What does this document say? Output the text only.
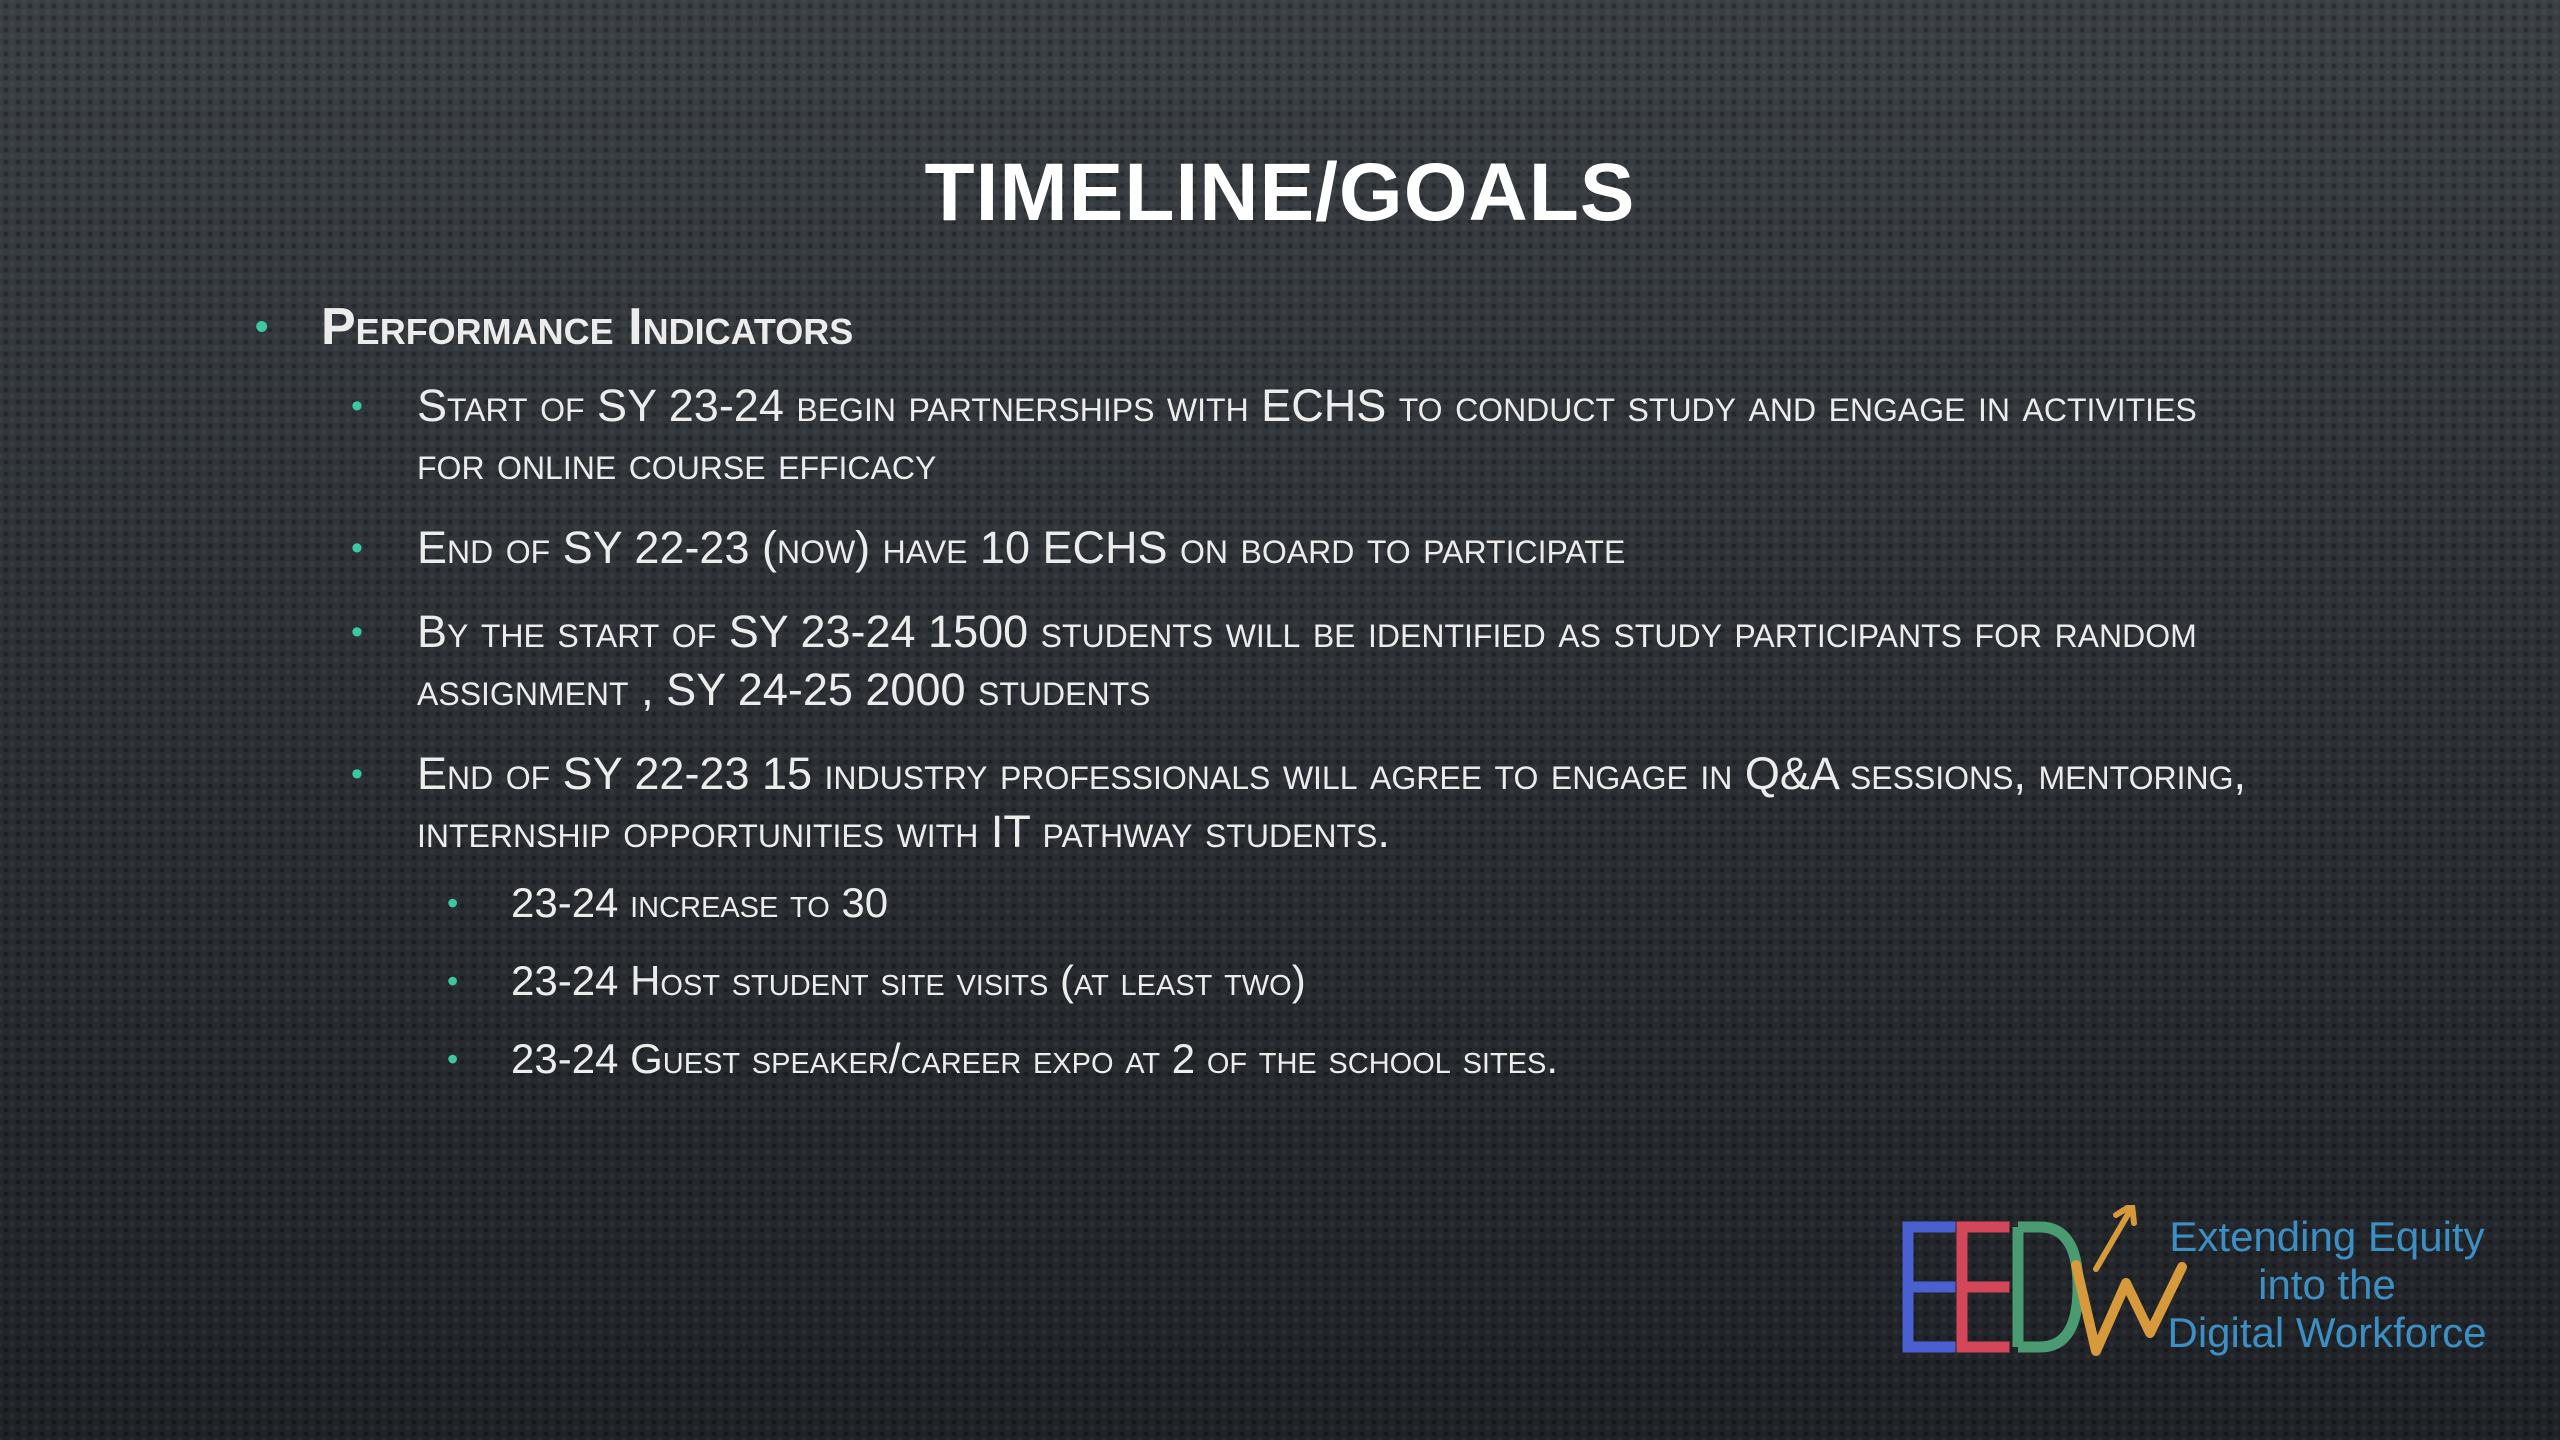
TIMELINE/GOALS
• Performance Indicators
• Start of SY 23-24 begin partnerships with ECHS to conduct study and engage in activities for online course efficacy
• End of SY 22-23 (now) have 10 ECHS on board to participate
• By the start of SY 23-24 1500 students will be identified as study participants for random assignment , SY 24-25 2000 students
• End of SY 22-23 15 industry professionals will agree to engage in Q&A sessions, mentoring, internship opportunities with IT pathway students.
• 23-24 increase to 30
• 23-24 Host student site visits (at least two)
• 23-24 Guest speaker/career expo at 2 of the school sites.
Extending Equity
into the
Digital Workforce
